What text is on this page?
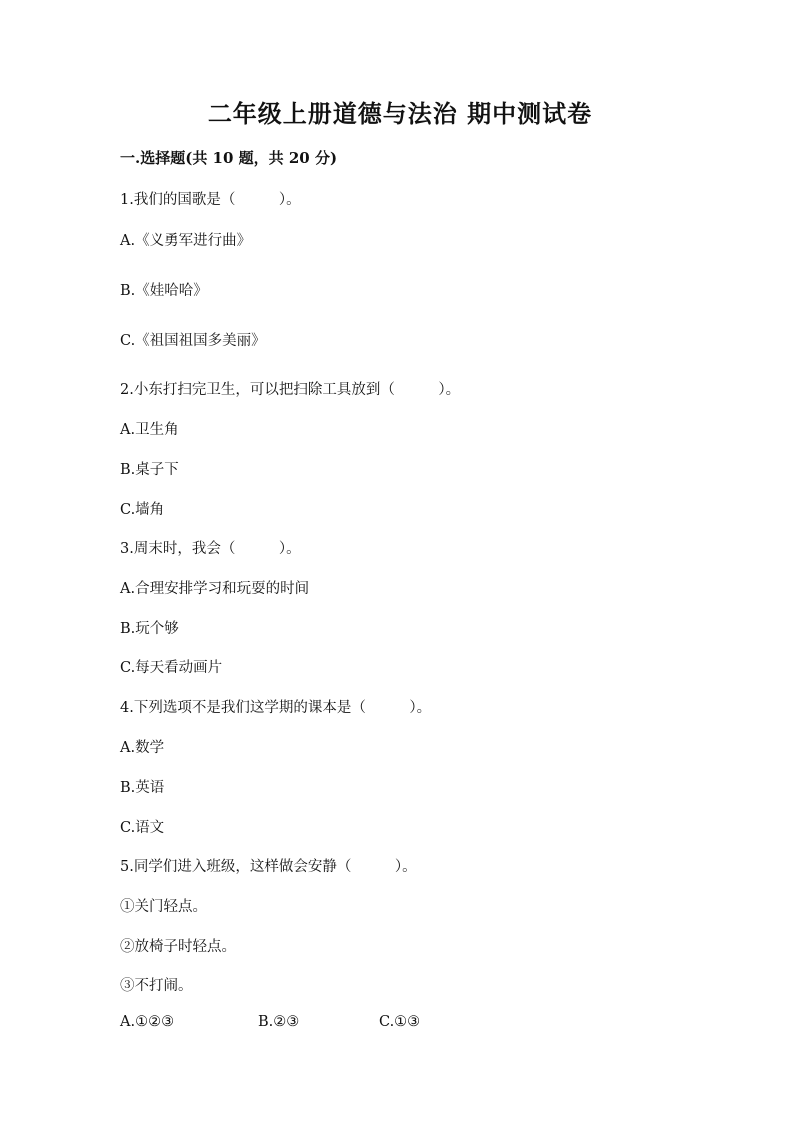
二年级上册道德与法治 期中测试卷
一.选择题(共 10 题，共 20 分)
1.我们的国歌是（　　　）。
A.《义勇军进行曲》
B.《娃哈哈》
C.《祖国祖国多美丽》
2.小东打扫完卫生，可以把扫除工具放到（　　　）。
A.卫生角
B.桌子下
C.墙角
3.周末时，我会（　　　）。
A.合理安排学习和玩耍的时间
B.玩个够
C.每天看动画片
4.下列选项不是我们这学期的课本是（　　　）。
A.数学
B.英语
C.语文
5.同学们进入班级，这样做会安静（　　　）。
①关门轻点。
②放椅子时轻点。
③不打闹。
A.①②③	B.②③	C.①③
